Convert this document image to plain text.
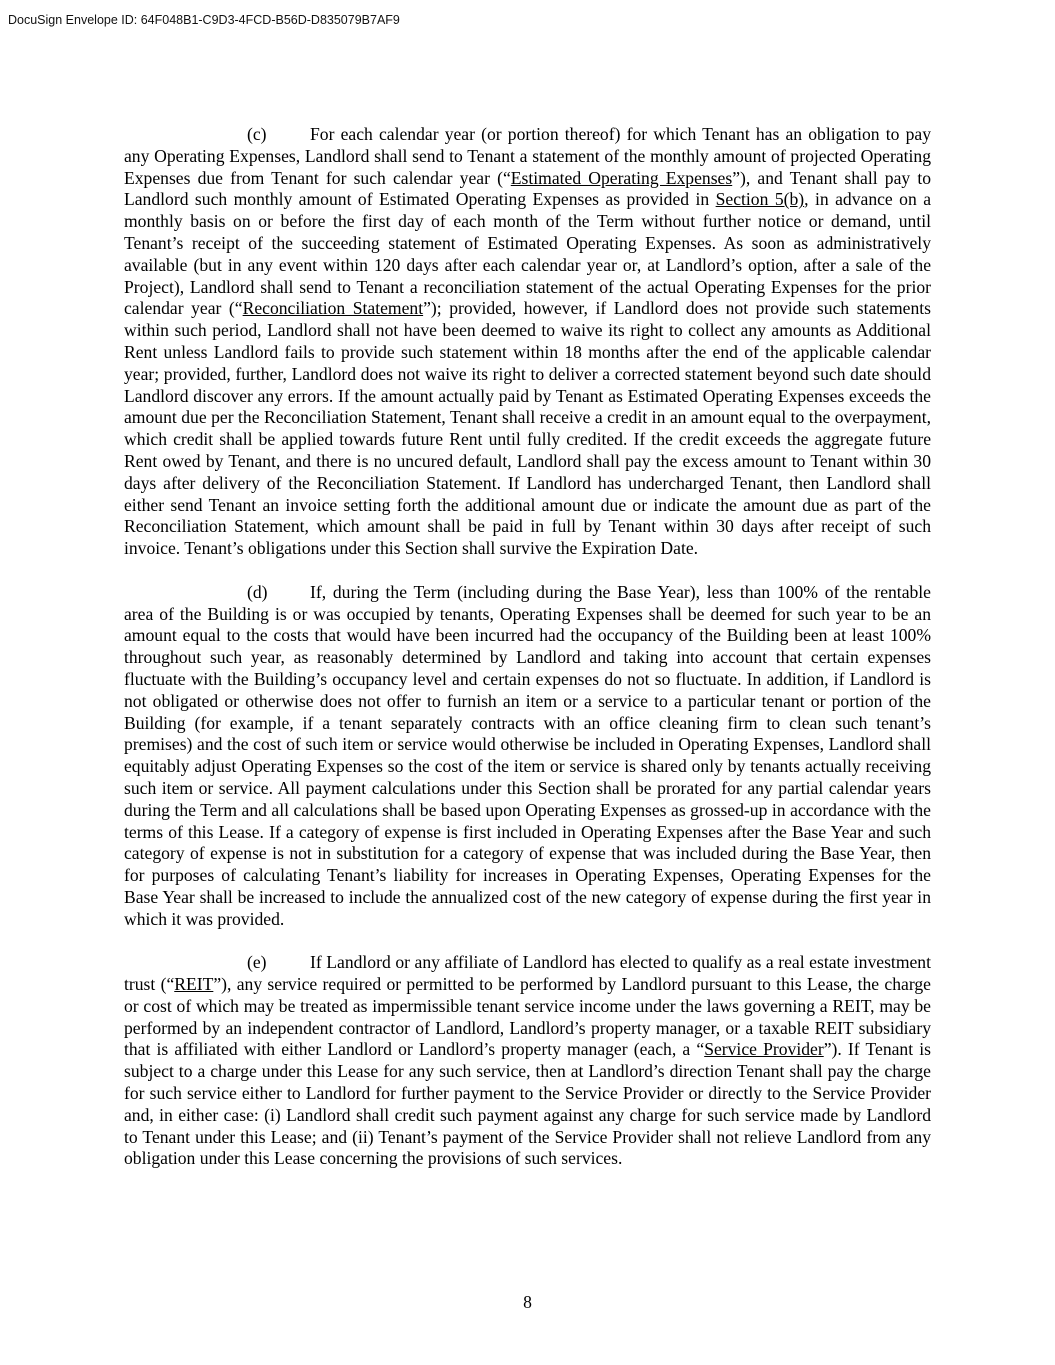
DocuSign Envelope ID: 64F048B1-C9D3-4FCD-B56D-D835079B7AF9

(c) For each calendar year (or portion thereof) for which Tenant has an obligation to pay any Operating Expenses, Landlord shall send to Tenant a statement of the monthly amount of projected Operating Expenses due from Tenant for such calendar year (“Estimated Operating Expenses”), and Tenant shall pay to Landlord such monthly amount of Estimated Operating Expenses as provided in Section 5(b), in advance on a monthly basis on or before the first day of each month of the Term without further notice or demand, until Tenant’s receipt of the succeeding statement of Estimated Operating Expenses. As soon as administratively available (but in any event within 120 days after each calendar year or, at Landlord’s option, after a sale of the Project), Landlord shall send to Tenant a reconciliation statement of the actual Operating Expenses for the prior calendar year (“Reconciliation Statement”); provided, however, if Landlord does not provide such statements within such period, Landlord shall not have been deemed to waive its right to collect any amounts as Additional Rent unless Landlord fails to provide such statement within 18 months after the end of the applicable calendar year; provided, further, Landlord does not waive its right to deliver a corrected statement beyond such date should Landlord discover any errors. If the amount actually paid by Tenant as Estimated Operating Expenses exceeds the amount due per the Reconciliation Statement, Tenant shall receive a credit in an amount equal to the overpayment, which credit shall be applied towards future Rent until fully credited. If the credit exceeds the aggregate future Rent owed by Tenant, and there is no uncured default, Landlord shall pay the excess amount to Tenant within 30 days after delivery of the Reconciliation Statement. If Landlord has undercharged Tenant, then Landlord shall either send Tenant an invoice setting forth the additional amount due or indicate the amount due as part of the Reconciliation Statement, which amount shall be paid in full by Tenant within 30 days after receipt of such invoice. Tenant’s obligations under this Section shall survive the Expiration Date.

(d) If, during the Term (including during the Base Year), less than 100% of the rentable area of the Building is or was occupied by tenants, Operating Expenses shall be deemed for such year to be an amount equal to the costs that would have been incurred had the occupancy of the Building been at least 100% throughout such year, as reasonably determined by Landlord and taking into account that certain expenses fluctuate with the Building’s occupancy level and certain expenses do not so fluctuate. In addition, if Landlord is not obligated or otherwise does not offer to furnish an item or a service to a particular tenant or portion of the Building (for example, if a tenant separately contracts with an office cleaning firm to clean such tenant’s premises) and the cost of such item or service would otherwise be included in Operating Expenses, Landlord shall equitably adjust Operating Expenses so the cost of the item or service is shared only by tenants actually receiving such item or service. All payment calculations under this Section shall be prorated for any partial calendar years during the Term and all calculations shall be based upon Operating Expenses as grossed-up in accordance with the terms of this Lease. If a category of expense is first included in Operating Expenses after the Base Year and such category of expense is not in substitution for a category of expense that was included during the Base Year, then for purposes of calculating Tenant’s liability for increases in Operating Expenses, Operating Expenses for the Base Year shall be increased to include the annualized cost of the new category of expense during the first year in which it was provided.

(e) If Landlord or any affiliate of Landlord has elected to qualify as a real estate investment trust (“REIT”), any service required or permitted to be performed by Landlord pursuant to this Lease, the charge or cost of which may be treated as impermissible tenant service income under the laws governing a REIT, may be performed by an independent contractor of Landlord, Landlord’s property manager, or a taxable REIT subsidiary that is affiliated with either Landlord or Landlord’s property manager (each, a “Service Provider”). If Tenant is subject to a charge under this Lease for any such service, then at Landlord’s direction Tenant shall pay the charge for such service either to Landlord for further payment to the Service Provider or directly to the Service Provider and, in either case: (i) Landlord shall credit such payment against any charge for such service made by Landlord to Tenant under this Lease; and (ii) Tenant’s payment of the Service Provider shall not relieve Landlord from any obligation under this Lease concerning the provisions of such services.

8
